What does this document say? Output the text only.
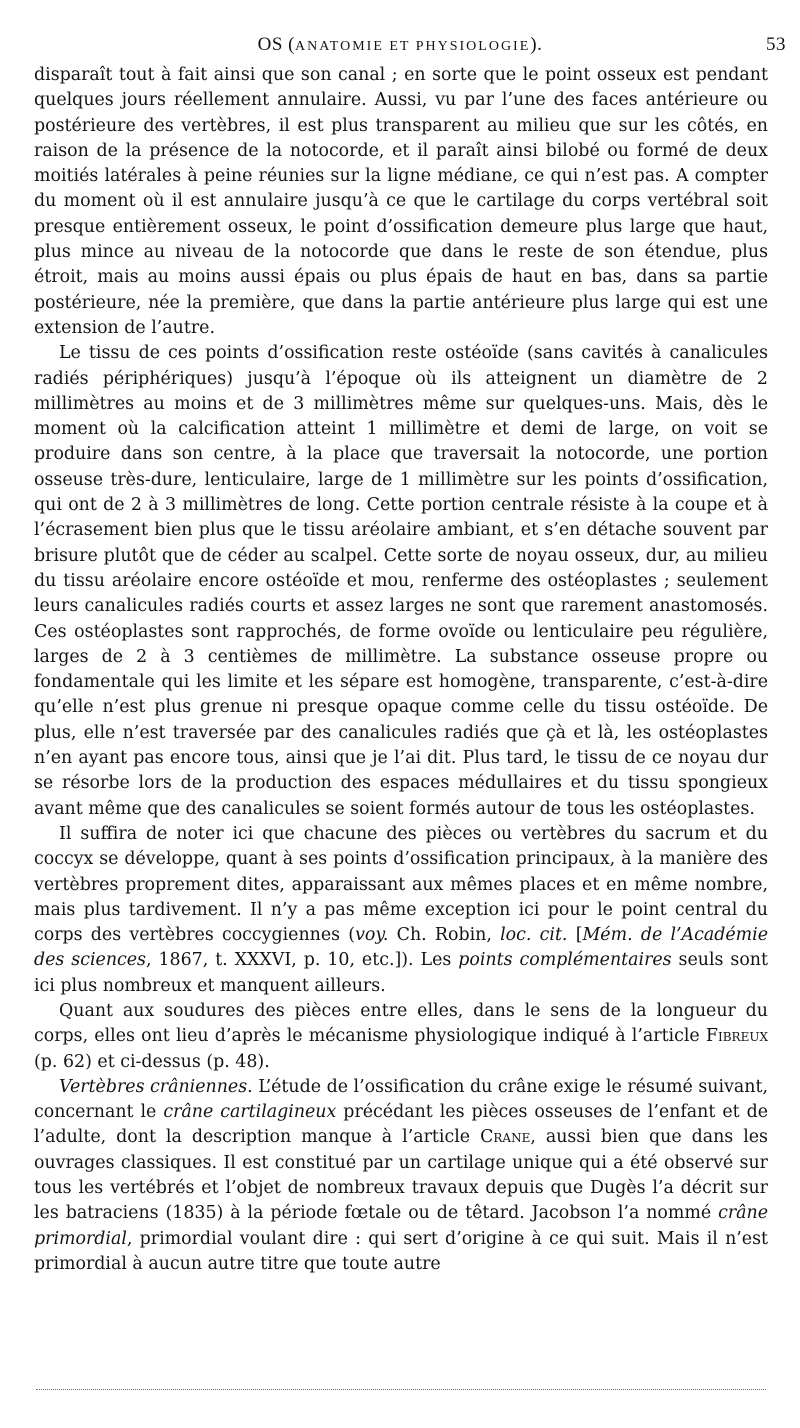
OS (ANATOMIE ET PHYSIOLOGIE).	53

disparaît tout à fait ainsi que son canal ; en sorte que le point osseux est pendant quelques jours réellement annulaire. Aussi, vu par l’une des faces antérieure ou postérieure des vertèbres, il est plus transparent au milieu que sur les côtés, en raison de la présence de la notocorde, et il paraît ainsi bilobé ou formé de deux moitiés latérales à peine réunies sur la ligne médiane, ce qui n’est pas. A compter du moment où il est annulaire jusqu’à ce que le cartilage du corps vertébral soit presque entièrement osseux, le point d’ossification demeure plus large que haut, plus mince au niveau de la notocorde que dans le reste de son étendue, plus étroit, mais au moins aussi épais ou plus épais de haut en bas, dans sa partie postérieure, née la première, que dans la partie antérieure plus large qui est une extension de l’autre.

Le tissu de ces points d’ossification reste ostéoïde (sans cavités à canalicules radiés périphériques) jusqu’à l’époque où ils atteignent un diamètre de 2 millimètres au moins et de 3 millimètres même sur quelques-uns. Mais, dès le moment où la calcification atteint 1 millimètre et demi de large, on voit se produire dans son centre, à la place que traversait la notocorde, une portion osseuse très-dure, lenticulaire, large de 1 millimètre sur les points d’ossification, qui ont de 2 à 3 millimètres de long. Cette portion centrale résiste à la coupe et à l’écrasement bien plus que le tissu aréolaire ambiant, et s’en détache souvent par brisure plutôt que de céder au scalpel. Cette sorte de noyau osseux, dur, au milieu du tissu aréolaire encore ostéoïde et mou, renferme des ostéoplastes ; seulement leurs canalicules radiés courts et assez larges ne sont que rarement anastomosés. Ces ostéoplastes sont rapprochés, de forme ovoïde ou lenticulaire peu régulière, larges de 2 à 3 centièmes de millimètre. La substance osseuse propre ou fondamentale qui les limite et les sépare est homogène, transparente, c’est-à-dire qu’elle n’est plus grenue ni presque opaque comme celle du tissu ostéoïde. De plus, elle n’est traversée par des canalicules radiés que çà et là, les ostéoplastes n’en ayant pas encore tous, ainsi que je l’ai dit. Plus tard, le tissu de ce noyau dur se résorbe lors de la production des espaces médullaires et du tissu spongieux avant même que des canalicules se soient formés autour de tous les ostéoplastes.

Il suffira de noter ici que chacune des pièces ou vertèbres du sacrum et du coccyx se développe, quant à ses points d’ossification principaux, à la manière des vertèbres proprement dites, apparaissant aux mêmes places et en même nombre, mais plus tardivement. Il n’y a pas même exception ici pour le point central du corps des vertèbres coccygiennes (voy. Ch. Robin, loc. cit. [Mém. de l’Académie des sciences, 1867, t. XXXVI, p. 10, etc.]). Les points complémentaires seuls sont ici plus nombreux et manquent ailleurs.

Quant aux soudures des pièces entre elles, dans le sens de la longueur du corps, elles ont lieu d’après le mécanisme physiologique indiqué à l’article Fibreux (p. 62) et ci-dessus (p. 48).

Vertèbres crâniennes. L’étude de l’ossification du crâne exige le résumé suivant, concernant le crâne cartilagineux précédant les pièces osseuses de l’enfant et de l’adulte, dont la description manque à l’article Crane, aussi bien que dans les ouvrages classiques. Il est constitué par un cartilage unique qui a été observé sur tous les vertébrés et l’objet de nombreux travaux depuis que Dugès l’a décrit sur les batraciens (1835) à la période fœtale ou de têtard. Jacobson l’a nommé crâne primordial, primordial voulant dire : qui sert d’origine à ce qui suit. Mais il n’est primordial à aucun autre titre que toute autre
